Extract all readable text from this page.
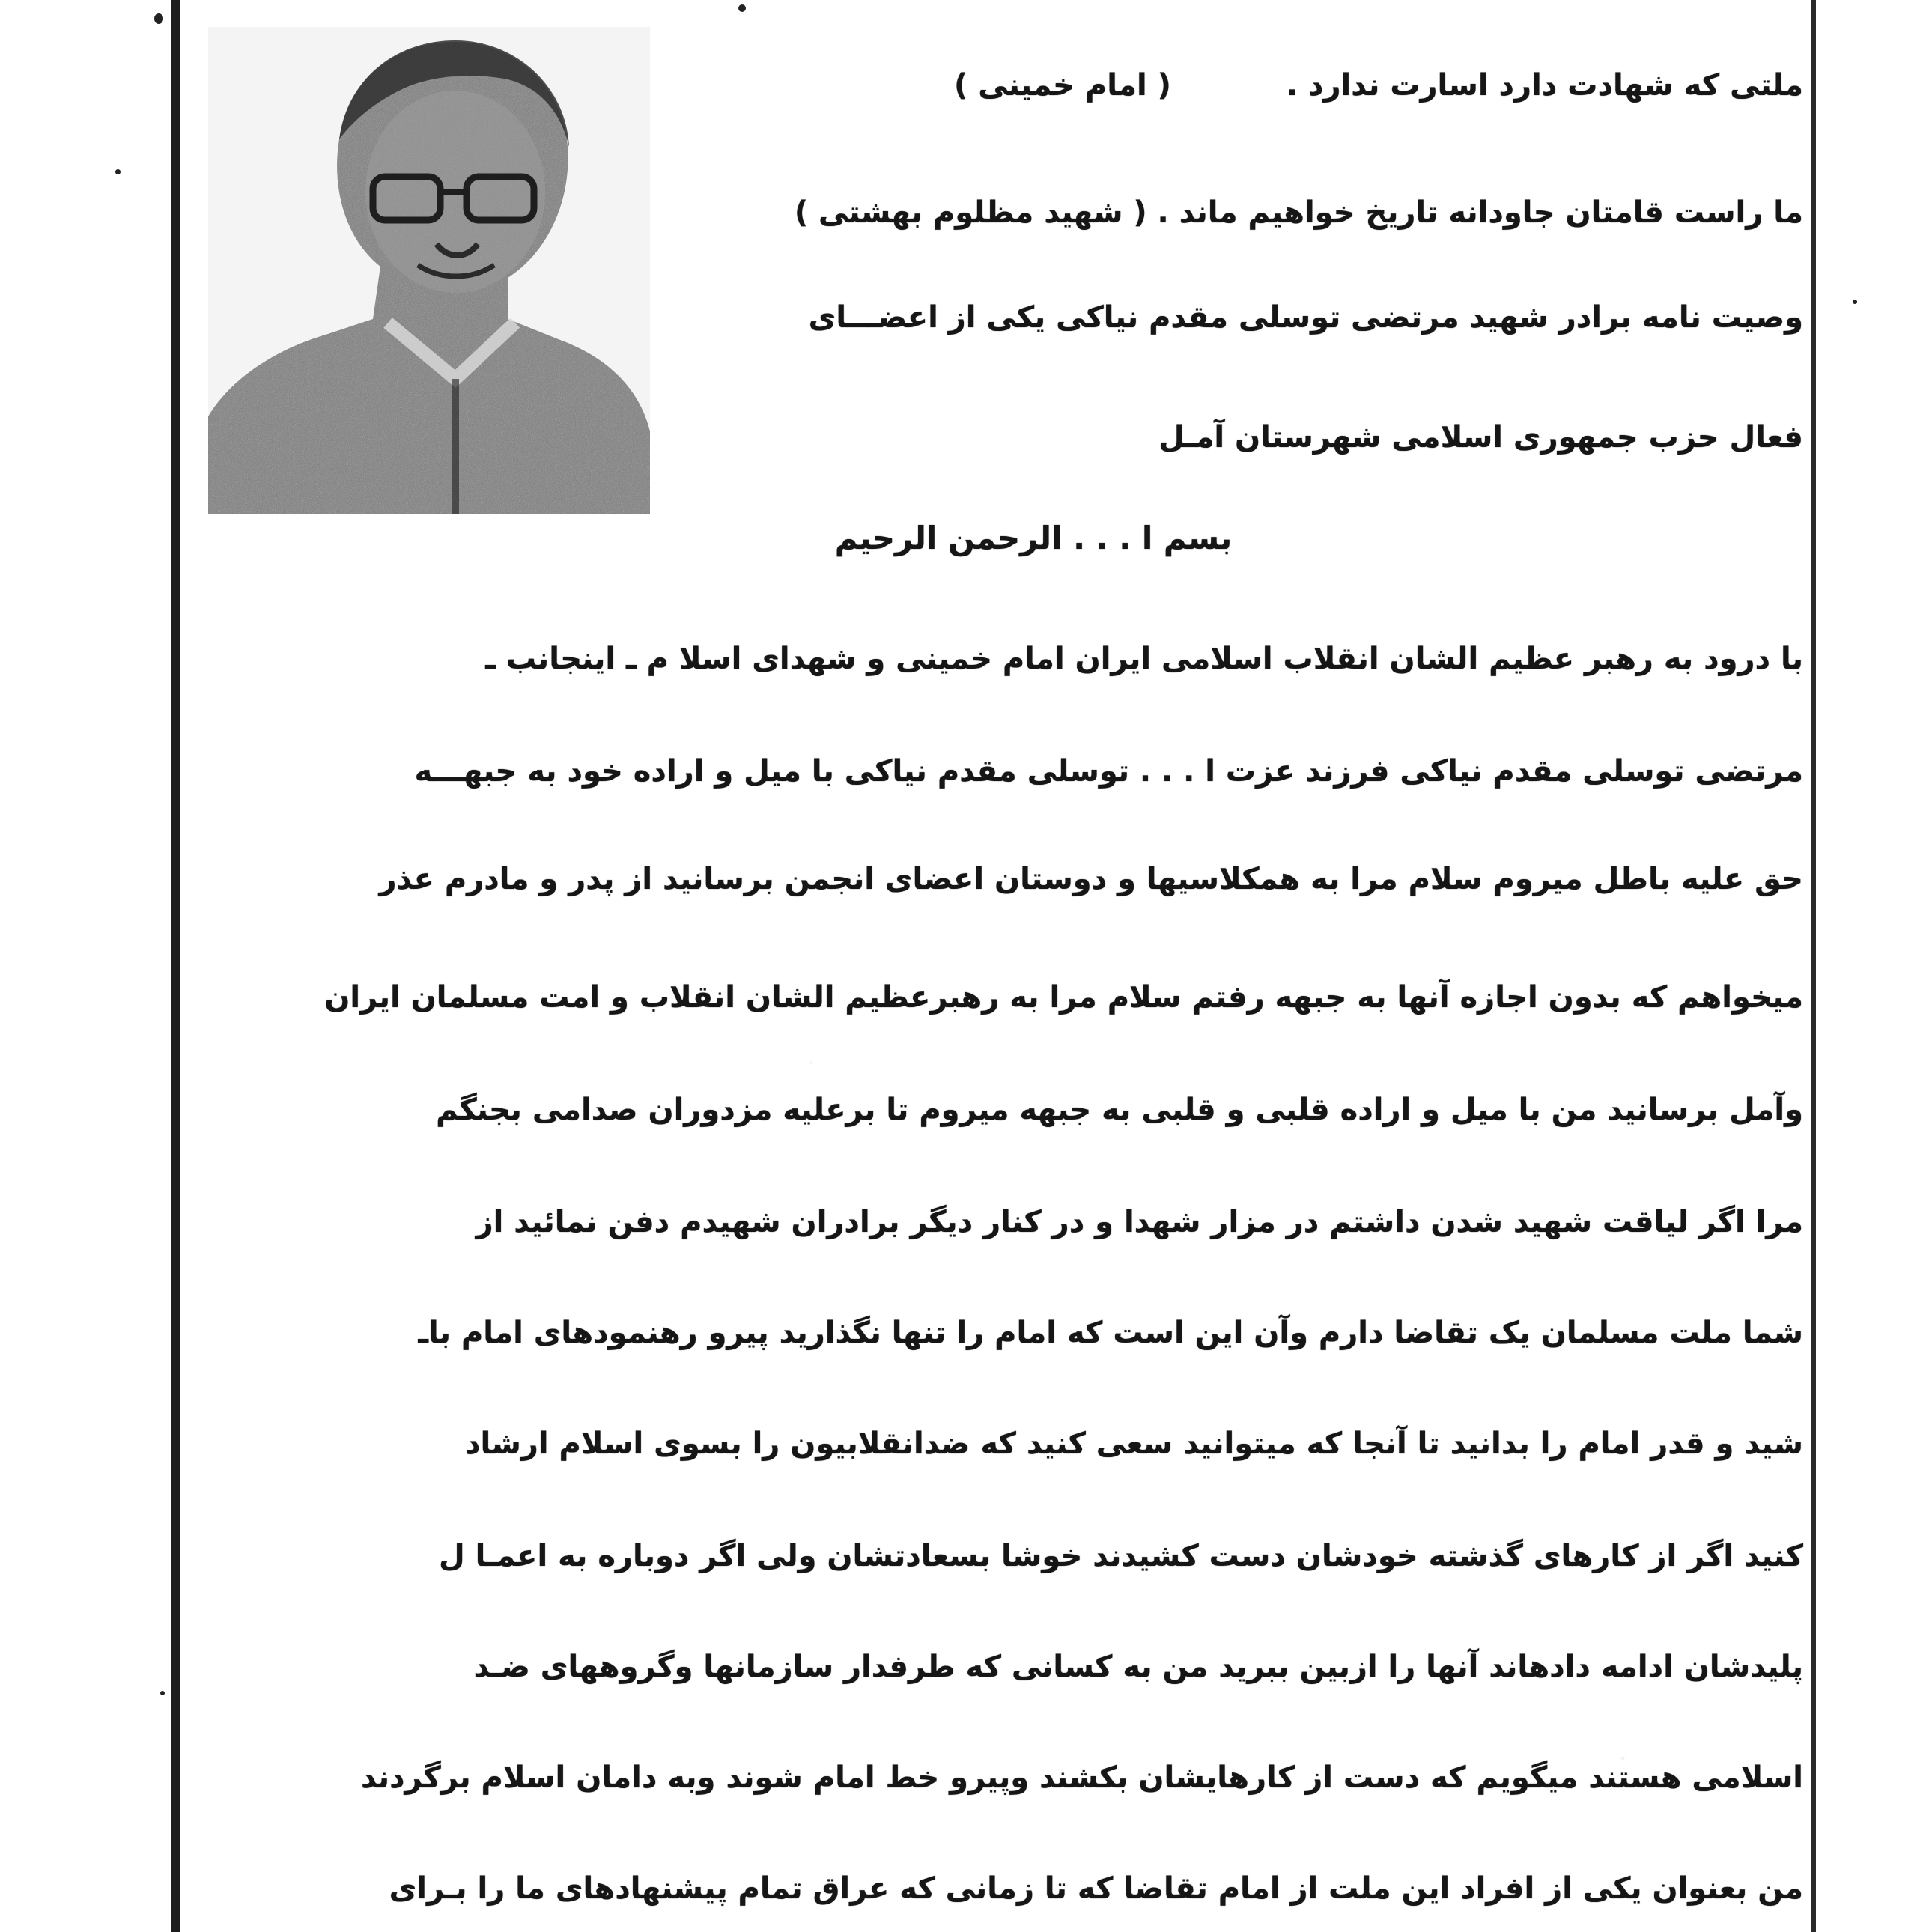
ملتی که شهادت دارد اسارت ندارد . ( امام خمینی )
ما راست قامتان جاودانه تاریخ خواهیم ماند . ( شهید مظلوم بهشتی )
وصیت نامه برادر شهید مرتضی توسلی مقدم نیاکی یکی از اعضـــای
فعال حزب جمهوری اسلامی شهرستان آمـل
بسم ا . . . الرحمن الرحیم
با درود به رهبر عظیم الشان انقلاب اسلامی ایران امام خمینی و شهدای اسلا م ـ اینجانب ـ
مرتضی توسلی مقدم نیاکی فرزند عزت ا . . . توسلی مقدم نیاکی با میل و اراده خود به جبهـــه
حق علیه باطل میروم سلام مرا به همکلاسیها و دوستان اعضای انجمن برسانید از پدر و مادرم عذر
میخواهم که بدون اجازه آنها به جبهه رفتم سلام مرا به رهبرعظیم الشان انقلاب و امت مسلمان ایران
وآمل برسانید من با میل و اراده قلبی و قلبی به جبهه میروم تا برعلیه مزدوران صدامی بجنگم
مرا اگر لیاقت شهید شدن داشتم در مزار شهدا و در کنار دیگر برادران شهیدم دفن نمائید از
شما ملت مسلمان یک تقاضا دارم وآن این است که امام را تنها نگذارید پیرو رهنمودهای امام باـ
شید و قدر امام را بدانید تا آنجا که میتوانید سعی کنید که ضدانقلابیون را بسوی اسلام ارشاد
کنید اگر از کارهای گذشته خودشان دست کشیدند خوشا بسعادتشان ولی اگر دوباره به اعمـا ل
پلیدشان ادامه دادهاند آنها را ازبین ببرید من به کسانی که طرفدار سازمانها وگروههای ضـد
اسلامی هستند میگویم که دست از کارهایشان بکشند وپیرو خط امام شوند وبه دامان اسلام برگردند
من بعنوان یکی از افراد این ملت از امام تقاضا که تا زمانی که عراق تمام پیشنهادهای ما را بـرای
